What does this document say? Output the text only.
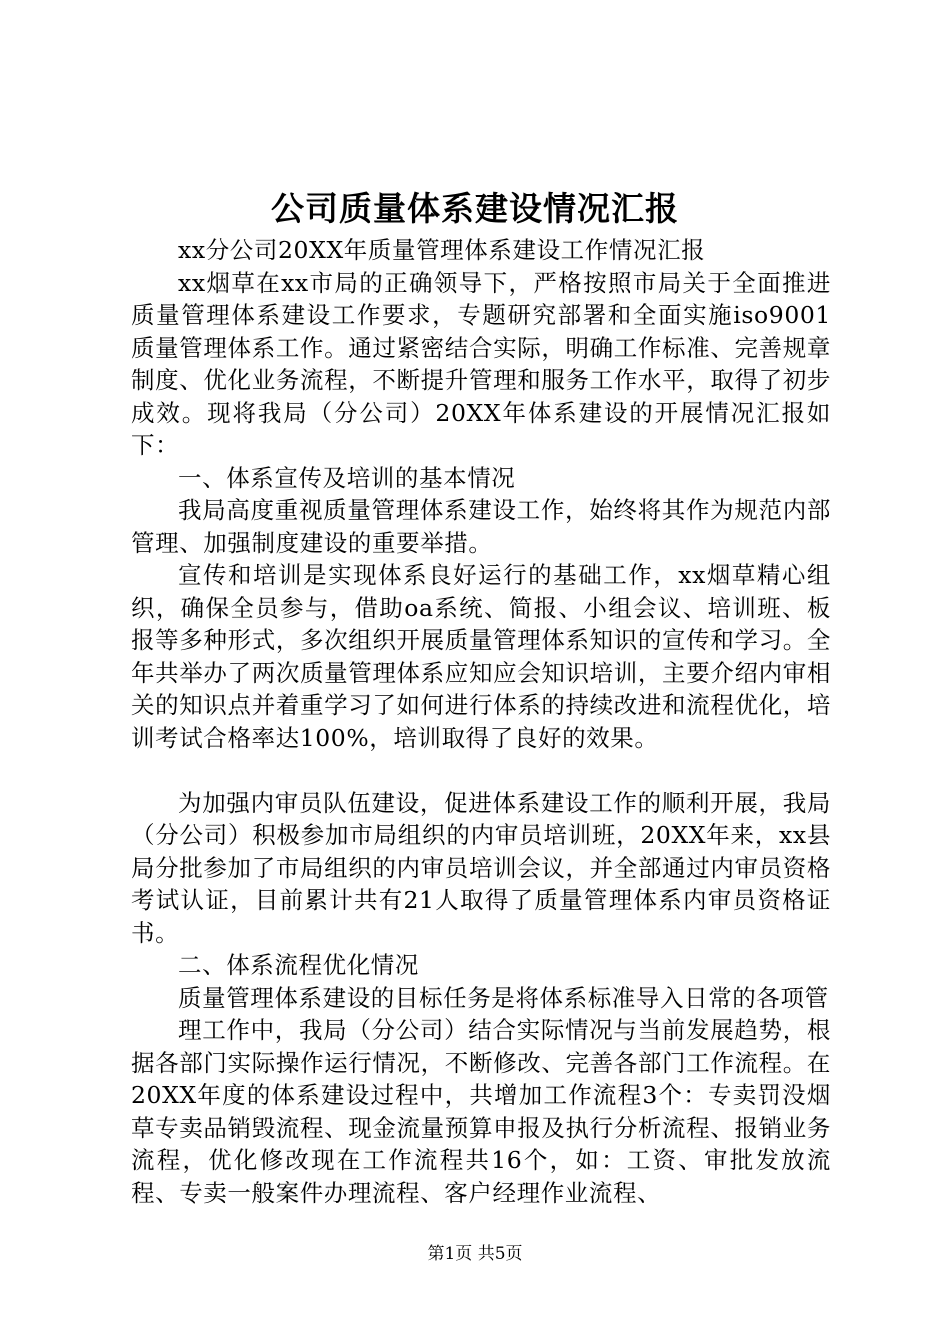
公司质量体系建设情况汇报

xx分公司20XX年质量管理体系建设工作情况汇报

xx烟草在xx市局的正确领导下，严格按照市局关于全面推进质量管理体系建设工作要求，专题研究部署和全面实施iso9001质量管理体系工作。通过紧密结合实际，明确工作标准、完善规章制度、优化业务流程，不断提升管理和服务工作水平，取得了初步成效。现将我局（分公司）20XX年体系建设的开展情况汇报如下：

一、体系宣传及培训的基本情况

我局高度重视质量管理体系建设工作，始终将其作为规范内部管理、加强制度建设的重要举措。

宣传和培训是实现体系良好运行的基础工作，xx烟草精心组织，确保全员参与，借助oa系统、简报、小组会议、培训班、板报等多种形式，多次组织开展质量管理体系知识的宣传和学习。全年共举办了两次质量管理体系应知应会知识培训，主要介绍内审相关的知识点并着重学习了如何进行体系的持续改进和流程优化，培训考试合格率达100%，培训取得了良好的效果。

为加强内审员队伍建设，促进体系建设工作的顺利开展，我局（分公司）积极参加市局组织的内审员培训班，20XX年来，xx县局分批参加了市局组织的内审员培训会议，并全部通过内审员资格考试认证，目前累计共有21人取得了质量管理体系内审员资格证书。

二、体系流程优化情况

质量管理体系建设的目标任务是将体系标准导入日常的各项管

理工作中，我局（分公司）结合实际情况与当前发展趋势，根据各部门实际操作运行情况，不断修改、完善各部门工作流程。在20XX年度的体系建设过程中，共增加工作流程3个：专卖罚没烟草专卖品销毁流程、现金流量预算申报及执行分析流程、报销业务流程，优化修改现在工作流程共16个，如：工资、审批发放流程、专卖一般案件办理流程、客户经理作业流程、

第1页 共5页
